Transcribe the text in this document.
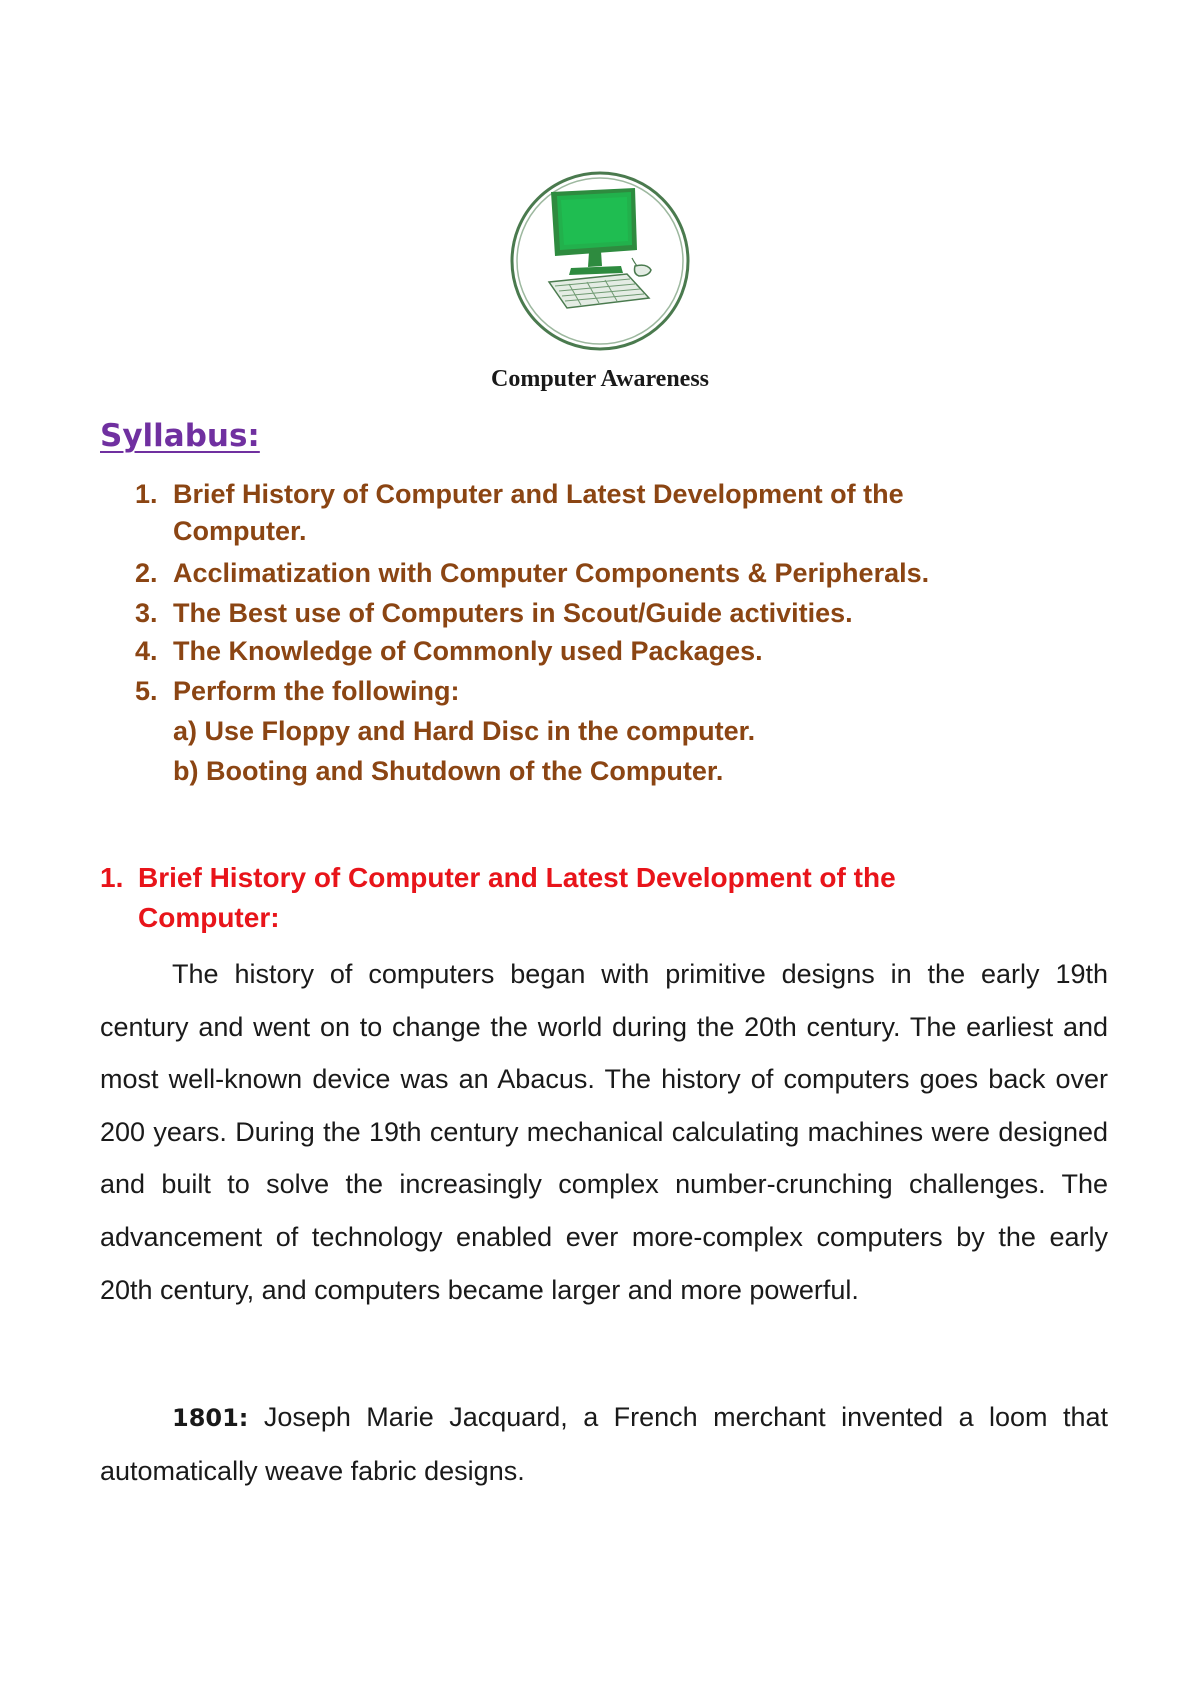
Computer Awareness
Syllabus:
1. Brief History of Computer and Latest Development of the
Computer.
2. Acclimatization with Computer Components & Peripherals.
3. The Best use of Computers in Scout/Guide activities.
4. The Knowledge of Commonly used Packages.
5. Perform the following:
a) Use Floppy and Hard Disc in the computer.
b) Booting and Shutdown of the Computer.
1. Brief History of Computer and Latest Development of the
Computer:

The history of computers began with primitive designs in the early 19th century and went on to change the world during the 20th century. The earliest and most well-known device was an Abacus. The history of computers goes back over 200 years. During the 19th century mechanical calculating machines were designed and built to solve the increasingly complex number-crunching challenges. The advancement of technology enabled ever more-complex computers by the early 20th century, and computers became larger and more powerful.

1801: Joseph Marie Jacquard, a French merchant invented a loom that automatically weave fabric designs.
